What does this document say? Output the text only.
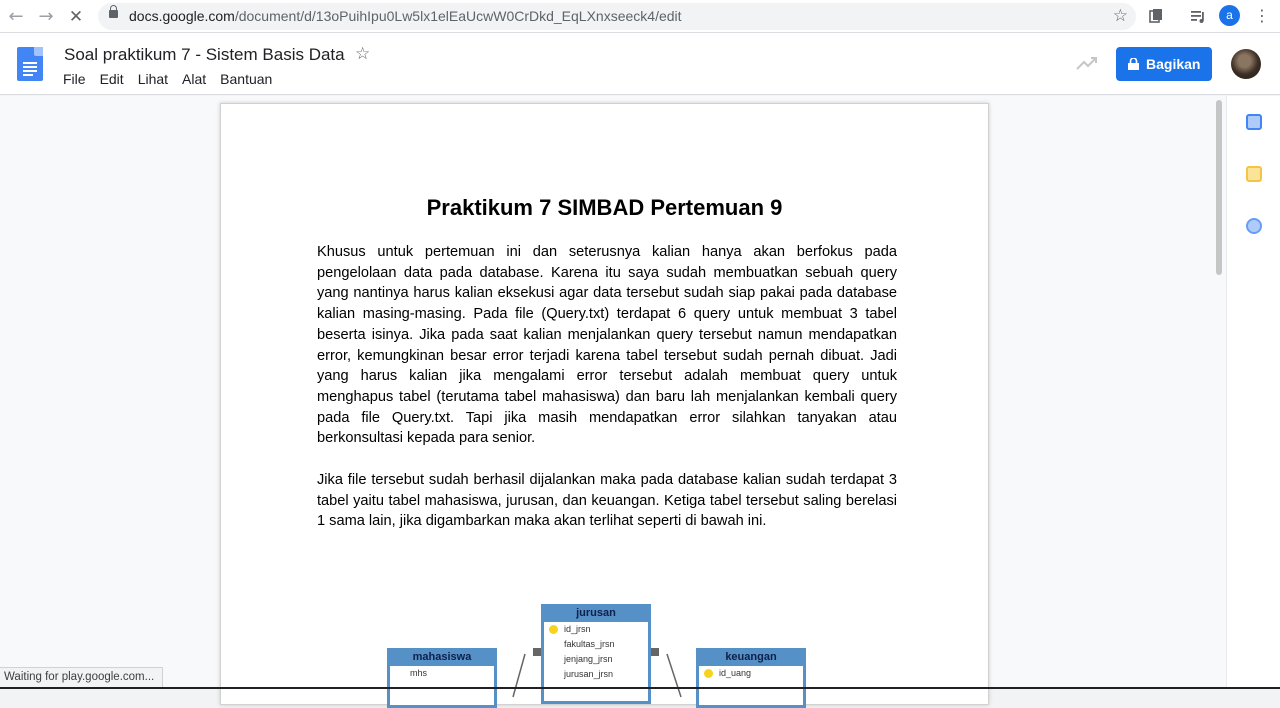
← → ✕	docs.google.com/document/d/13oPuihIpu0Lw5lx1elEaUcwW0CrDkd_EqLXnxseeck4/edit	☆	a	⋮
Soal praktikum 7 - Sistem Basis Data ☆
File	Edit	Lihat	Alat	Bantuan
Bagikan
Praktikum 7 SIMBAD Pertemuan 9

Khusus untuk pertemuan ini dan seterusnya kalian hanya akan berfokus pada pengelolaan data pada database. Karena itu saya sudah membuatkan sebuah query yang nantinya harus kalian eksekusi agar data tersebut sudah siap pakai pada database kalian masing-masing. Pada file (Query.txt) terdapat 6 query untuk membuat 3 tabel beserta isinya. Jika pada saat kalian menjalankan query tersebut namun mendapatkan error, kemungkinan besar error terjadi karena tabel tersebut sudah pernah dibuat. Jadi yang harus kalian jika mengalami error tersebut adalah membuat query untuk menghapus tabel (terutama tabel mahasiswa) dan baru lah menjalankan kembali query pada file Query.txt. Tapi jika masih mendapatkan error silahkan tanyakan atau berkonsultasi kepada para senior.

Jika file tersebut sudah berhasil dijalankan maka pada database kalian sudah terdapat 3 tabel yaitu tabel mahasiswa, jurusan, dan keuangan. Ketiga tabel tersebut saling berelasi 1 sama lain, jika digambarkan maka akan terlihat seperti di bawah ini.

jurusan
id_jrsn
fakultas_jrsn
jenjang_jrsn
jurusan_jrsn
mahasiswa
mhs
keuangan
id_uang
Waiting for play.google.com...
